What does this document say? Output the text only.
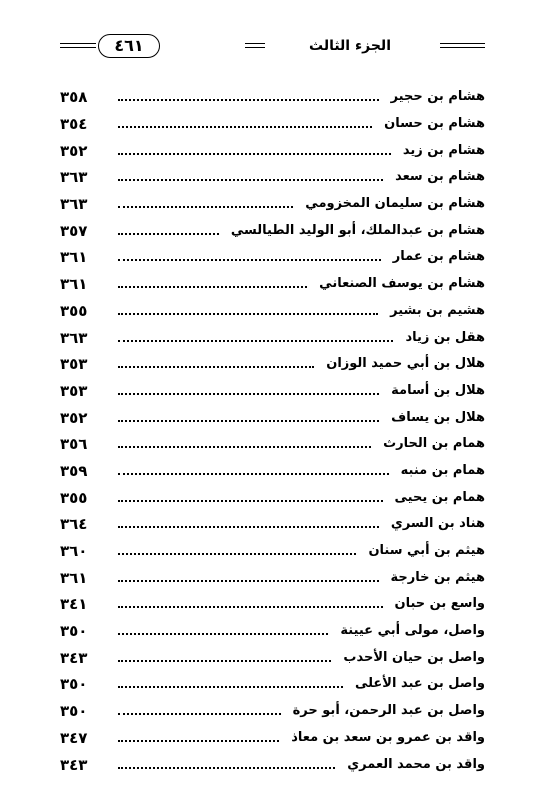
٤٦١	الجزء الثالث
هشام بن حجير
٣٥٨
هشام بن حسان
٣٥٤
هشام بن زيد
٣٥٢
هشام بن سعد
٣٦٣
هشام بن سليمان المخزومي
٣٦٣
هشام بن عبدالملك، أبو الوليد الطيالسي
٣٥٧
هشام بن عمار
٣٦١
هشام بن يوسف الصنعاني
٣٦١
هشيم بن بشير
٣٥٥
هقل بن زياد
٣٦٣
هلال بن أبي حميد الوزان
٣٥٣
هلال بن أسامة
٣٥٣
هلال بن يساف
٣٥٢
همام بن الحارث
٣٥٦
همام بن منبه
٣٥٩
همام بن يحيى
٣٥٥
هناد بن السري
٣٦٤
هيثم بن أبي سنان
٣٦٠
هيثم بن خارجة
٣٦١
واسع بن حبان
٣٤١
واصل، مولى أبي عيينة
٣٥٠
واصل بن حيان الأحدب
٣٤٣
واصل بن عبد الأعلى
٣٥٠
واصل بن عبد الرحمن، أبو حرة
٣٥٠
واقد بن عمرو بن سعد بن معاذ
٣٤٧
واقد بن محمد العمري
٣٤٣
